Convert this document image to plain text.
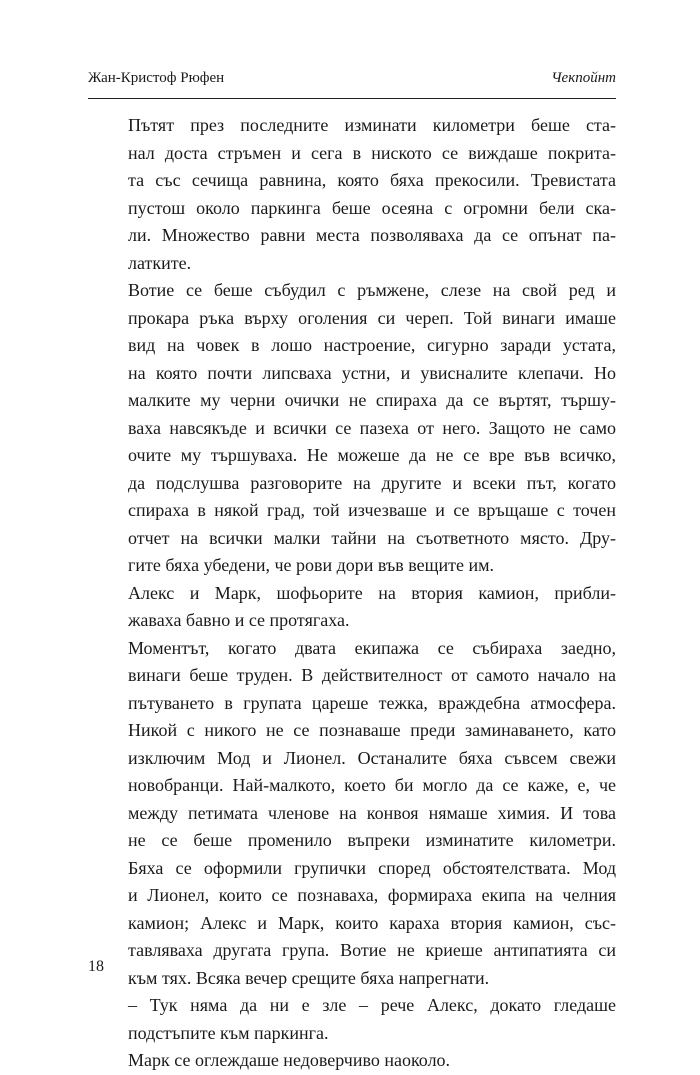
Жан-Кристоф Рюфен	Чекпойнт

Пътят през последните изминати километри беше ста-
нал доста стръмен и сега в ниското се виждаше покрита-
та със сечища равнина, която бяха прекосили. Тревистата
пустош около паркинга беше осеяна с огромни бели ска-
ли. Множество равни места позволяваха да се опънат па-
латките.

Вотие се беше събудил с ръмжене, слезе на свой ред и
прокара ръка върху оголения си череп. Той винаги имаше
вид на човек в лошо настроение, сигурно заради устата,
на която почти липсваха устни, и увисналите клепачи. Но
малките му черни очички не спираха да се въртят, тършу-
ваха навсякъде и всички се пазеха от него. Защото не само
очите му тършуваха. Не можеше да не се вре във всичко,
да подслушва разговорите на другите и всеки път, когато
спираха в някой град, той изчезваше и се връщаше с точен
отчет на всички малки тайни на съответното място. Дру-
гите бяха убедени, че рови дори във вещите им.

Алекс и Марк, шофьорите на втория камион, прибли-
жаваха бавно и се протягаха.

Моментът, когато двата екипажа се събираха заедно,
винаги беше труден. В действителност от самото начало на
пътуването в групата цареше тежка, враждебна атмосфера.
Никой с никого не се познаваше преди заминаването, като
изключим Мод и Лионел. Останалите бяха съвсем свежи
новобранци. Най-малкото, което би могло да се каже, е, че
между петимата членове на конвоя нямаше химия. И това
не се беше променило въпреки изминатите километри.
Бяха се оформили групички според обстоятелствата. Мод
и Лионел, които се познаваха, формираха екипа на челния
камион; Алекс и Марк, които караха втория камион, със-
тавляваха другата група. Вотие не криеше антипатията си
към тях. Всяка вечер срещите бяха напрегнати.

– Тук няма да ни е зле – рече Алекс, докато гледаше
подстъпите към паркинга.

Марк се оглеждаше недоверчиво наоколо.

18
